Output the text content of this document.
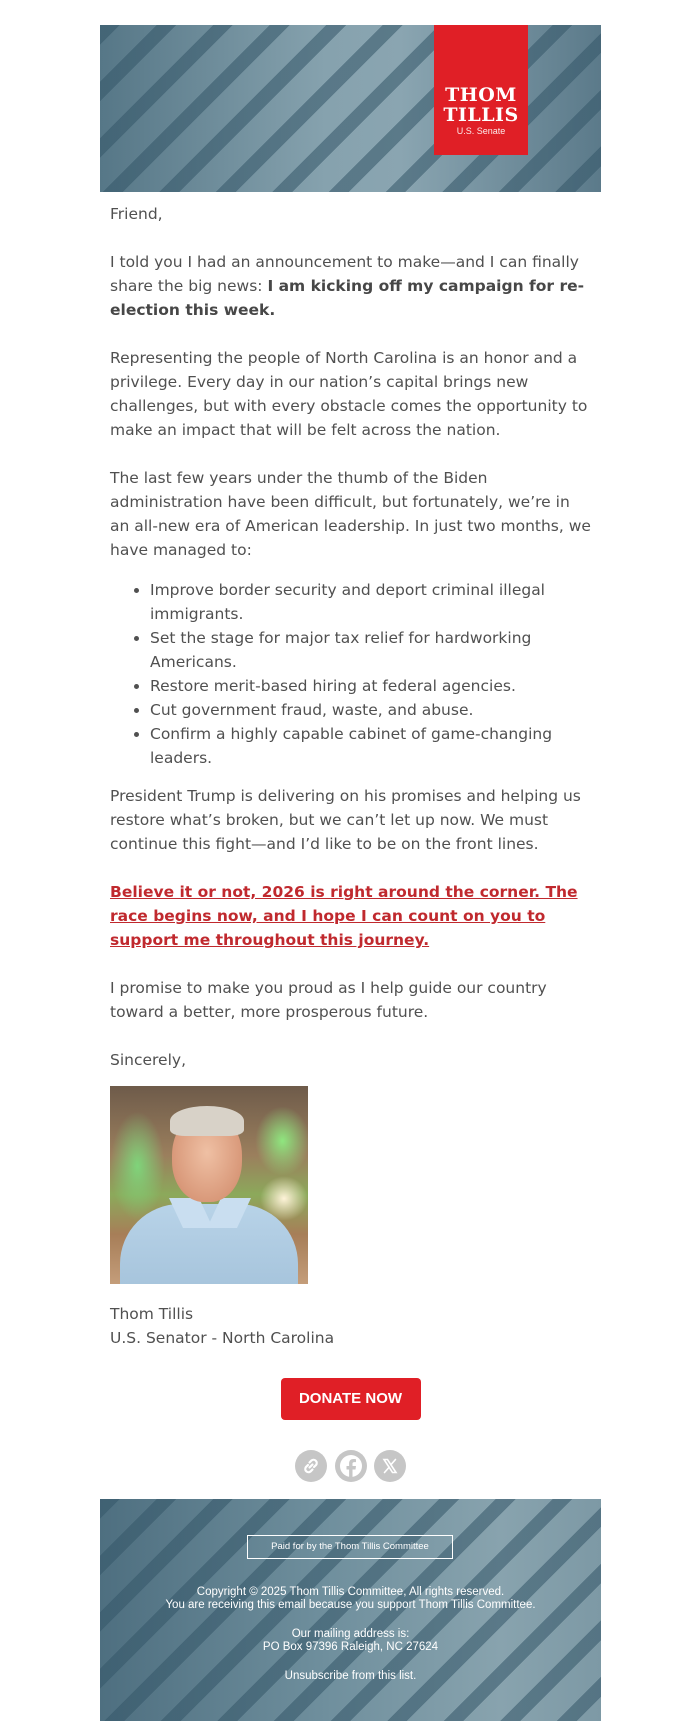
THOM
TILLIS
U.S. Senate

Friend,

I told you I had an announcement to make—and I can finally share the big news: I am kicking off my campaign for re-election this week.

Representing the people of North Carolina is an honor and a privilege. Every day in our nation’s capital brings new challenges, but with every obstacle comes the opportunity to make an impact that will be felt across the nation.

The last few years under the thumb of the Biden administration have been difficult, but fortunately, we’re in an all-new era of American leadership. In just two months, we have managed to:

• Improve border security and deport criminal illegal immigrants.
• Set the stage for major tax relief for hardworking Americans.
• Restore merit-based hiring at federal agencies.
• Cut government fraud, waste, and abuse.
• Confirm a highly capable cabinet of game-changing leaders.

President Trump is delivering on his promises and helping us restore what’s broken, but we can’t let up now. We must continue this fight—and I’d like to be on the front lines.

Believe it or not, 2026 is right around the corner. The race begins now, and I hope I can count on you to support me throughout this journey.

I promise to make you proud as I help guide our country toward a better, more prosperous future.

Sincerely,

Thom Tillis
U.S. Senator - North Carolina
DONATE NOW

Paid for by the Thom Tillis Committee
Copyright © 2025 Thom Tillis Committee, All rights reserved.
You are receiving this email because you support Thom Tillis Committee.
Our mailing address is:
PO Box 97396 Raleigh, NC 27624
Unsubscribe from this list.
